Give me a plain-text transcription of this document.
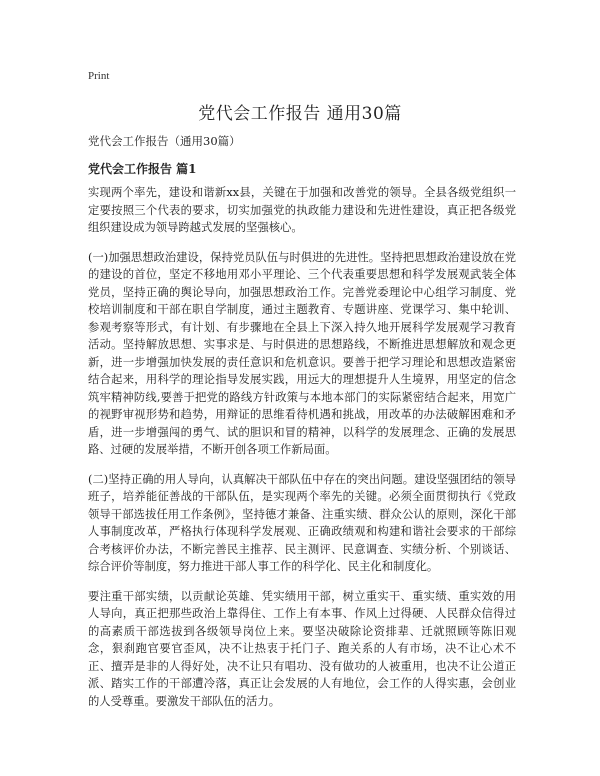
Print
党代会工作报告 通用30篇
党代会工作报告（通用30篇）
党代会工作报告 篇1

实现两个率先，建设和谐新xx县，关键在于加强和改善党的领导。全县各级党组织一定要按照三个代表的要求，切实加强党的执政能力建设和先进性建设，真正把各级党组织建设成为领导跨越式发展的坚强核心。

(一)加强思想政治建设，保持党员队伍与时俱进的先进性。坚持把思想政治建设放在党的建设的首位，坚定不移地用邓小平理论、三个代表重要思想和科学发展观武装全体党员，坚持正确的舆论导向，加强思想政治工作。完善党委理论中心组学习制度、党校培训制度和干部在职自学制度，通过主题教育、专题讲座、党课学习、集中轮训、参观考察等形式，有计划、有步骤地在全县上下深入持久地开展科学发展观学习教育活动。坚持解放思想、实事求是、与时俱进的思想路线，不断推进思想解放和观念更新，进一步增强加快发展的责任意识和危机意识。要善于把学习理论和思想改造紧密结合起来，用科学的理论指导发展实践，用远大的理想提升人生境界，用坚定的信念筑牢精神防线,要善于把党的路线方针政策与本地本部门的实际紧密结合起来，用宽广的视野审视形势和趋势，用辩证的思维看待机遇和挑战，用改革的办法破解困难和矛盾，进一步增强闯的勇气、试的胆识和冒的精神，以科学的发展理念、正确的发展思路、过硬的发展举措，不断开创各项工作新局面。

(二)坚持正确的用人导向，认真解决干部队伍中存在的突出问题。建设坚强团结的领导班子，培养能征善战的干部队伍，是实现两个率先的关键。必须全面贯彻执行《党政领导干部选拔任用工作条例》，坚持德才兼备、注重实绩、群众公认的原则，深化干部人事制度改革，严格执行体现科学发展观、正确政绩观和构建和谐社会要求的干部综合考核评价办法，不断完善民主推荐、民主测评、民意调查、实绩分析、个别谈话、综合评价等制度，努力推进干部人事工作的科学化、民主化和制度化。

要注重干部实绩，以贡献论英雄、凭实绩用干部，树立重实干、重实绩、重实效的用人导向，真正把那些政治上靠得住、工作上有本事、作风上过得硬、人民群众信得过的高素质干部选拔到各级领导岗位上来。要坚决破除论资排辈、迁就照顾等陈旧观念，狠刹跑官要官歪风，决不让热衷于托门子、跑关系的人有市场，决不让心术不正、擅弄是非的人得好处，决不让只有唱功、没有做功的人被重用，也决不让公道正派、踏实工作的干部遭冷落，真正让会发展的人有地位，会工作的人得实惠，会创业的人受尊重。要激发干部队伍的活力。
